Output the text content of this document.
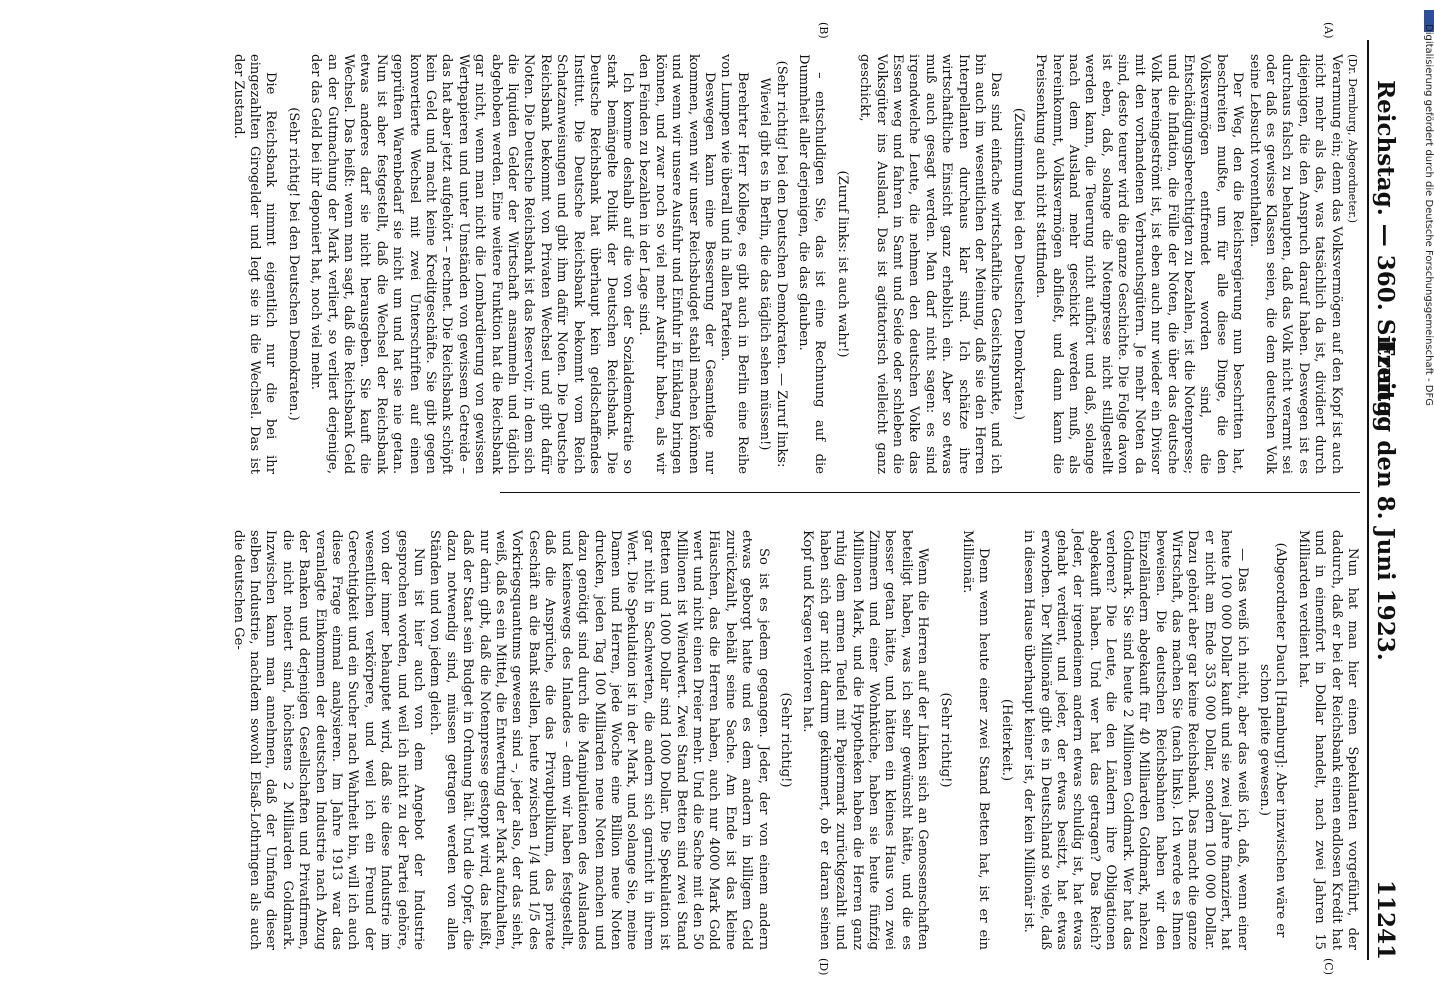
Reichstag. — 360. Sitzung.
Freitag den 8. Juni 1923.
11241
(A)
(B)
(C)
(D)

(Dr. Dernburg, Abgeordneter.)

Verarmung ein; denn das Volksvermögen auf den Kopf ist auch nicht mehr als das, was tatsächlich da ist, dividiert durch diejenigen, die den Anspruch darauf haben. Deswegen ist es durchaus falsch zu behaupten, daß das Volk nicht verarmt sei oder daß es gewisse Klassen seien, die dem deutschen Volk seine Lebsucht vorenthalten.

Der Weg, den die Reichsregierung nun beschritten hat, beschreiten mußte, um für alle diese Dinge, die den Volksvermögen entfremdet worden sind, die Entschädigungsberechtigten zu bezahlen, ist die Notenpresse; und die Inflation, die Fülle der Noten, die über das deutsche Volk hereingeströmt ist, ist eben auch nur wieder ein Divisor mit den vorhandenen Verbrauchsgütern. Je mehr Noten da sind, desto teurer wird die ganze Geschichte. Die Folge davon ist eben, daß, solange die Notenpresse nicht stillgestellt werden kann, die Teuerung nicht aufhört und daß, solange nach dem Ausland mehr geschickt werden muß, als hereinkommt, Volksvermögen abfließt, und dann kann die Preissenkung auch nicht stattfinden.

(Zustimmung bei den Deutschen Demokraten.)

Das sind einfache wirtschaftliche Gesichtspunkte, und ich bin auch im wesentlichen der Meinung, daß sie den Herren Interpellanten durchaus klar sind. Ich schätze ihre wirtschaftliche Einsicht ganz erheblich ein. Aber so etwas muß auch gesagt werden. Man darf nicht sagen: es sind irgendwelche Leute, die nehmen den deutschen Volke das Essen weg und fahren in Samt und Seide oder schleben die Volksgüter ins Ausland. Das ist agitatorisch vielleicht ganz geschickt,

(Zuruf links: ist auch wahr!)

– entschuldigen Sie, das ist eine Rechnung auf die Dummheit aller derjenigen, die das glauben.

(Sehr richtig! bei den Deutschen Demokraten. — Zuruf links: Wieviel gibt es in Berlin, die das täglich sehen müssen!)

Berehrter Herr Kollege, es gibt auch in Berlin eine Reihe von Lumpen wie überall und in allen Parteien.

Deswegen kann eine Besserung der Gesamtlage nur kommen, wenn wir unser Reichsbudget stabil machen können und wenn wir unsere Ausfuhr und Einfuhr in Einklang bringen können, und zwar noch so viel mehr Ausfuhr haben, als wir den Feinden zu bezahlen in der Lage sind.

Ich komme deshalb auf die von der Sozialdemokratie so stark bemängelte Politik der Deutschen Reichsbank. Die Deutsche Reichsbank hat überhaupt kein geldschaffendes Institut. Die Deutsche Reichsbank bekommt vom Reich Schatzanweisungen und gibt ihm dafür Noten. Die Deutsche Reichsbank bekommt von Privaten Wechsel und gibt dafür Noten. Die Deutsche Reichsbank ist das Reservoir, in dem sich die liquiden Gelder der Wirtschaft ansammeln und täglich abgehoben werden. Eine weitere Funktion hat die Reichsbank gar nicht, wenn man nicht die Lombardierung von gewissen Wertpapieren und unter Umständen von gewissem Getreide – das hat aber jetzt aufgehört – rechnet. Die Reichsbank schöpft kein Geld und macht keine Kreditgeschäfte. Sie gibt gegen konvertierte Wechsel mit zwei Unterschriften auf einen geprüften Warenbedarf sie nicht um und hat sie nie getan. Nun ist aber festgestellt, daß die Wechsel der Reichsbank etwas anderes darf sie nicht herausgeben. Sie kauft die Wechsel. Das heißt: wenn man sagt, daß die Reichsbank Geld an der Gutmachung der Mark verliert, so verliert derjenige, der das Geld bei ihr deponiert hat, noch viel mehr.

(Sehr richtig! bei den Deutschen Demokraten.)

Die Reichsbank nimmt eigentlich nur die bei ihr eingezahlten Girogelder und legt sie in die Wechsel. Das ist der Zustand.

Nun hat man hier einen Spekulanten vorgeführt, der dadurch, daß er bei der Reichsbank einen endlosen Kredit hat und in einemfort in Dollar handelt, nach zwei Jahren 15 Milliarden verdient hat.

(Abgeordneter Dauch [Hamburg]: Aber inzwischen wäre er schon pleite gewesen.)

— Das weiß ich nicht, aber das weiß ich, daß, wenn einer heute 100 000 Dollar kauft und sie zwei Jahre finanziert, hat er nicht am Ende 353 000 Dollar, sondern 100 000 Dollar. Dazu gehört aber gar keine Reichsbank. Das macht die ganze Wirtschaft, das machen Sie (nach links). Ich werde es Ihnen beweisen. Die deutschen Reichsbahnen haben wir den Einzelländern abgekauft für 40 Milliarden Goldmark, nahezu Goldmark. Sie sind heute 2 Millionen Goldmark. Wer hat das verloren? Die Leute, die den Ländern ihre Obligationen abgekauft haben. Und wer hat das getragen? Das Reich? Jeder, der irgendeinem andern etwas schuldig ist, hat etwas gehabt verdient, und jeder, der etwas besitzt, hat etwas erworben. Der Millionäre gibt es in Deutschland so viele, daß in diesem Hause überhaupt keiner ist, der kein Millionär ist.

(Heiterkeit.)

Denn wenn heute einer zwei Stand Betten hat, ist er ein Millionär.

(Sehr richtig!)

Wenn die Herren auf der Linken sich an Genossenschaften beteiligt haben, was ich sehr gewünscht hätte, und die es besser getan hätte, und hätten ein kleines Haus von zwei Zimmern und einer Wohnküche, haben sie heute fünfzig Millionen Mark, und die Hypotheken haben die Herren ganz ruhig dem armen Teufel mit Papiermark zurückgezahlt und haben sich gar nicht darum gekümmert, ob er daran seinen Kopf und Kragen verloren hat.

(Sehr richtig!)

So ist es jedem gegangen. Jeder, der von einem andern etwas geborgt hatte und es dem andern in billigem Geld zurückzahlt, behält seine Sache. Am Ende ist das kleine Häuschen, das die Herren haben, auch nur 4000 Mark Gold wert und nicht einen Dreier mehr. Und die Sache mit den 50 Millionen ist Wiendwert. Zwei Stand Betten sind zwei Stand Betten und 1000 Dollar sind 1000 Dollar. Die Spekulation ist gar nicht in Sachwerten, die andern sich garnicht in ihrem Wert. Die Spekulation ist in der Mark, und solange Sie, meine Damen und Herren, jede Woche eine Billion neue Noten drucken, jeden Tag 100 Milliarden neue Noten machen und dazu genötigt sind durch die Manipulationen des Auslandes und keineswegs des Inlandes – denn wir haben festgestellt, daß die Ansprüche, die das Privatpublikum, das private Geschäft an die Bank stellen, heute zwischen 1/4 und 1/5 des Vorkriegsquantums gewesen sind –, jeder also, der das sieht, weiß, daß es ein Mittel, die Entwertung der Mark aufzuhalten, nur darin gibt, daß die Notenpresse gestoppt wird, das heißt, daß der Staat sein Budget in Ordnung hält. Und die Opfer, die dazu notwendig sind, müssen getragen werden von allen Ständen und von jedem gleich.

Nun ist hier auch von dem Angebot der Industrie gesprochen worden, und weil ich nicht zu der Partei gehöre, von der immer behauptet wird, daß sie diese Industrie im wesentlichen verkörpere, und weil ich ein Freund der Gerechtigkeit und ein Sucher nach Wahrheit bin, will ich auch diese Frage einmal analysieren. Im Jahre 1913 war das veranlagte Einkommen der deutschen Industrie nach Abzug der Banken und derjenigen Gesellschaften und Privatfirmen, die nicht notiert sind, höchstens 2 Milliarden Goldmark. Inzwischen kann man annehmen, daß der Umfang dieser selben Industrie, nachdem sowohl Elsaß-Lothringen als auch die deutschen Ge-

Digitalisierung gefördert durch die Deutsche Forschungsgemeinschaft - DFG
